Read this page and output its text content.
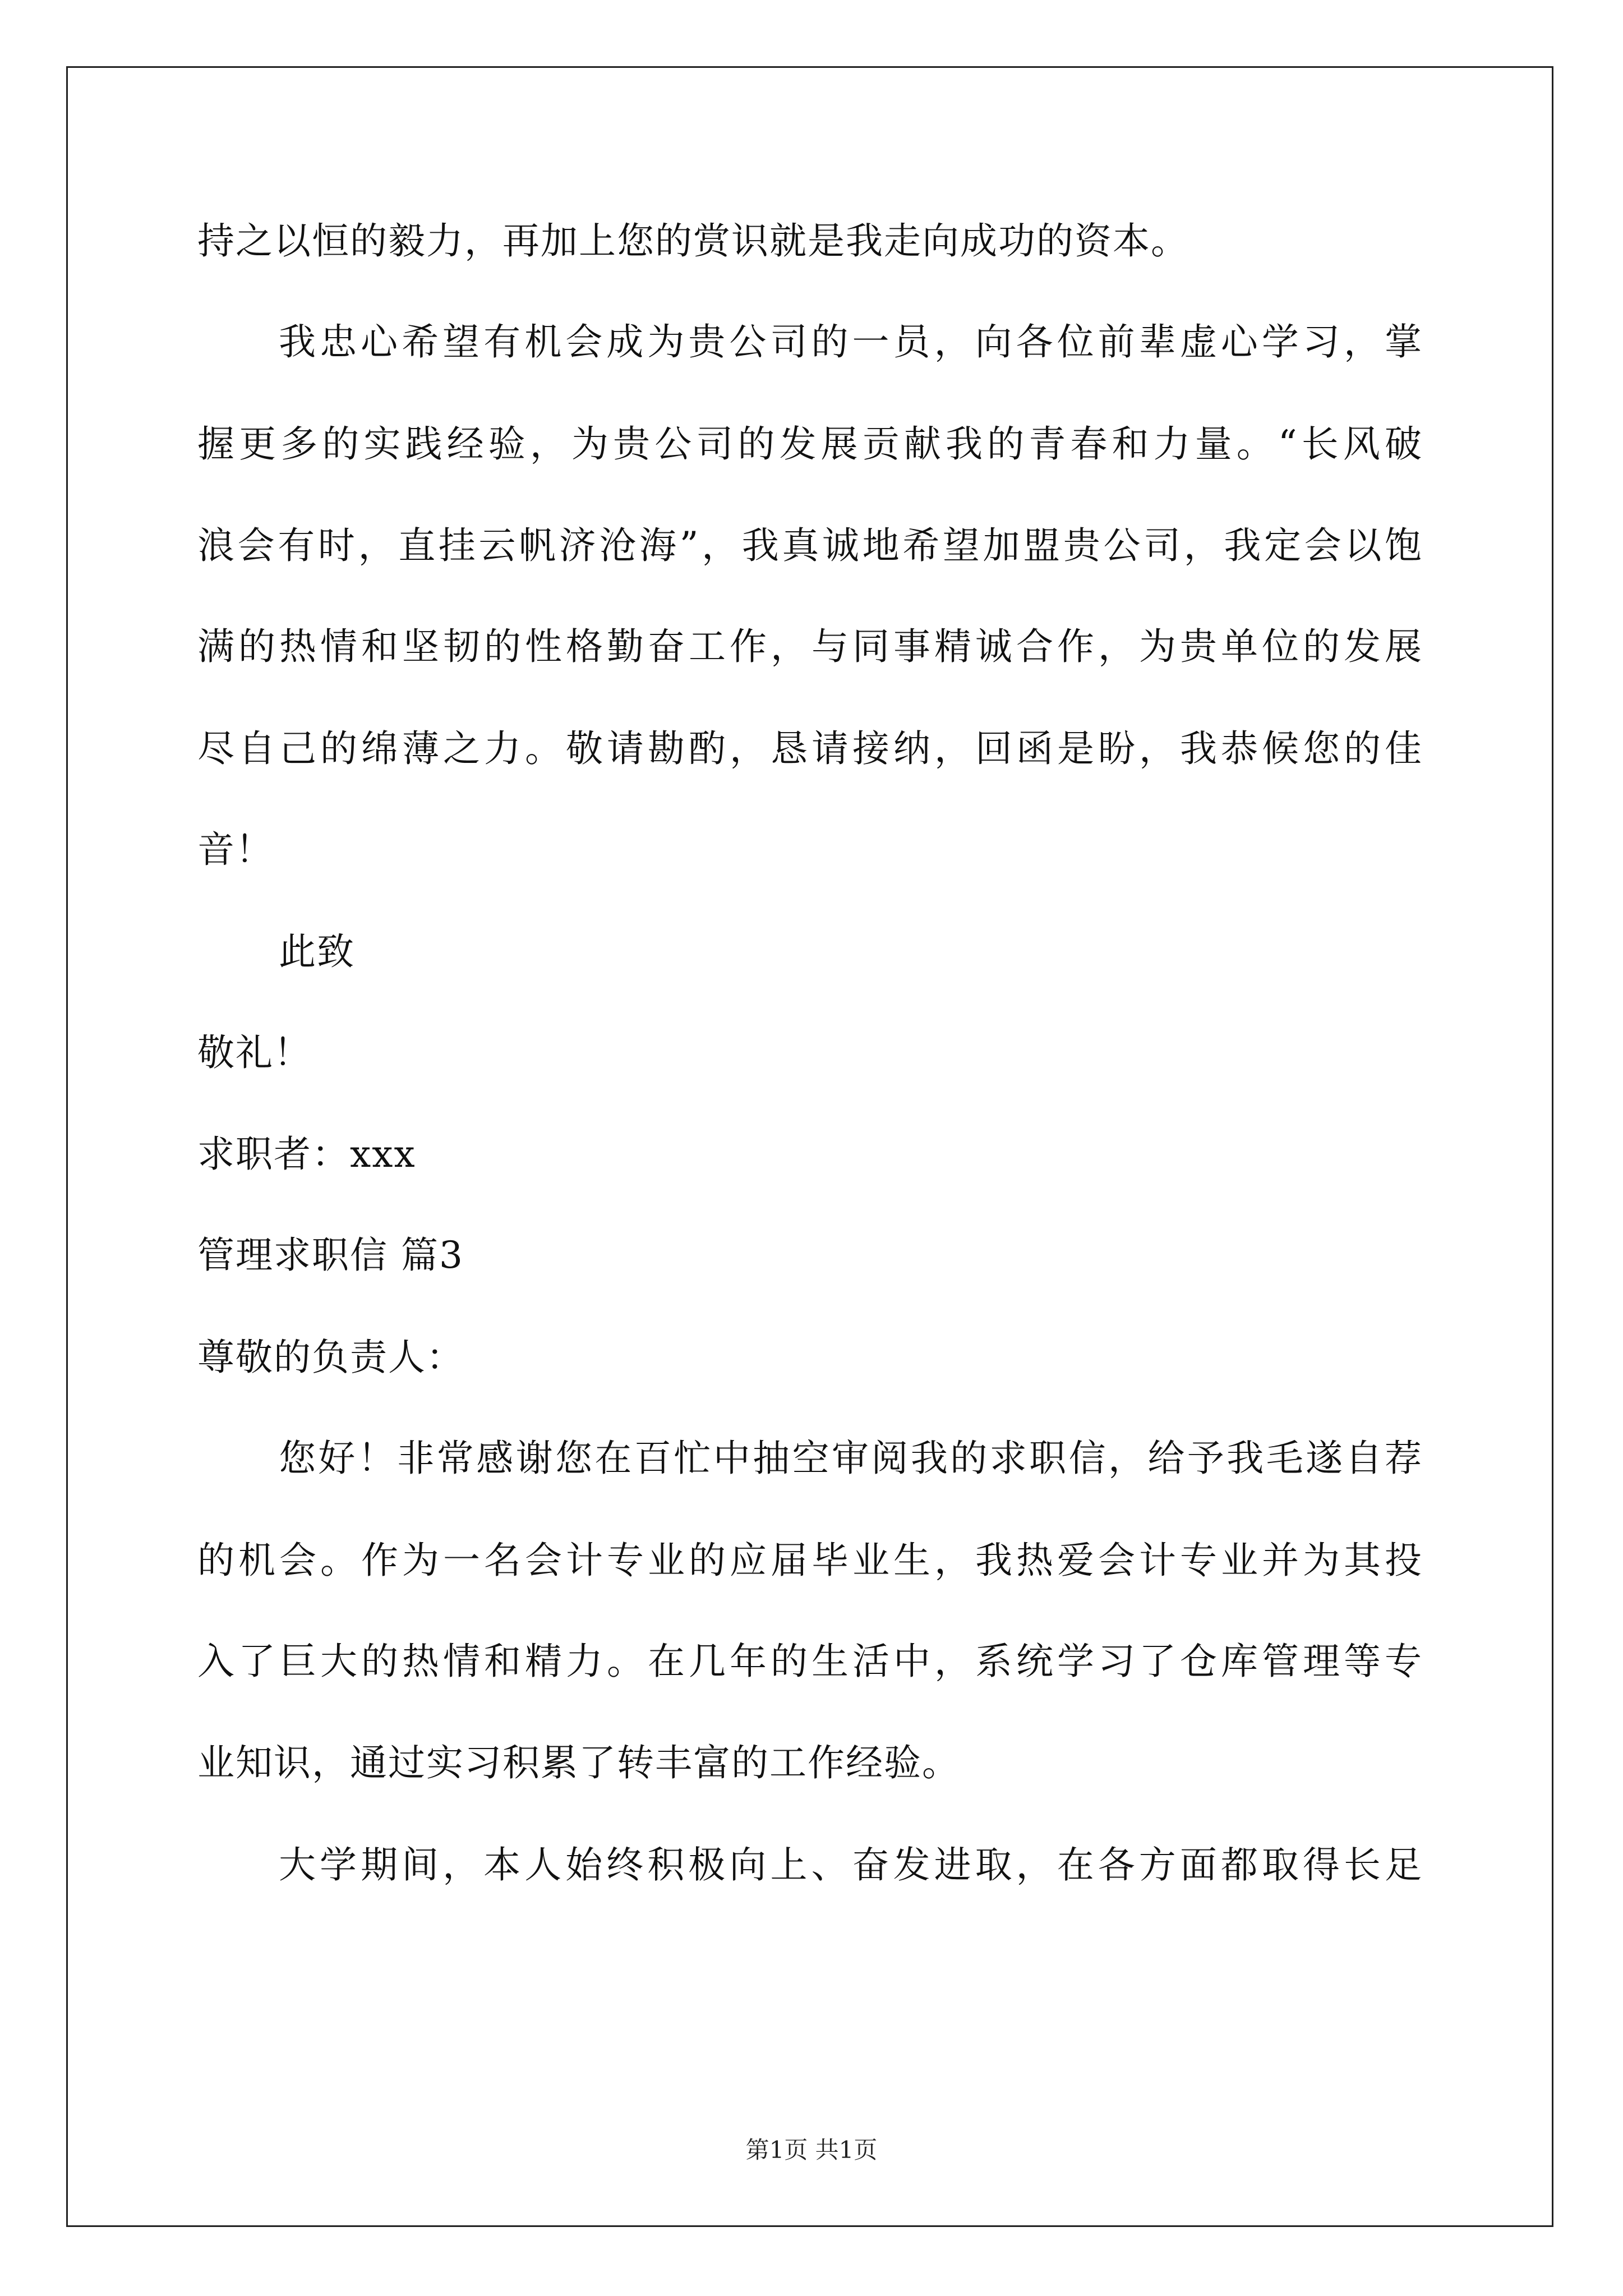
持之以恒的毅力，再加上您的赏识就是我走向成功的资本。
我忠心希望有机会成为贵公司的一员，向各位前辈虚心学习，掌
握更多的实践经验，为贵公司的发展贡献我的青春和力量。“长风破
浪会有时，直挂云帆济沧海”，我真诚地希望加盟贵公司，我定会以饱
满的热情和坚韧的性格勤奋工作，与同事精诚合作，为贵单位的发展
尽自己的绵薄之力。敬请勘酌，恳请接纳，回函是盼，我恭候您的佳
音！
此致
敬礼！
求职者：xxx
管理求职信 篇3
尊敬的负责人：
您好！非常感谢您在百忙中抽空审阅我的求职信，给予我毛遂自荐
的机会。作为一名会计专业的应届毕业生，我热爱会计专业并为其投
入了巨大的热情和精力。在几年的生活中，系统学习了仓库管理等专
业知识，通过实习积累了转丰富的工作经验。
大学期间，本人始终积极向上、奋发进取，在各方面都取得长足
第1页 共1页
